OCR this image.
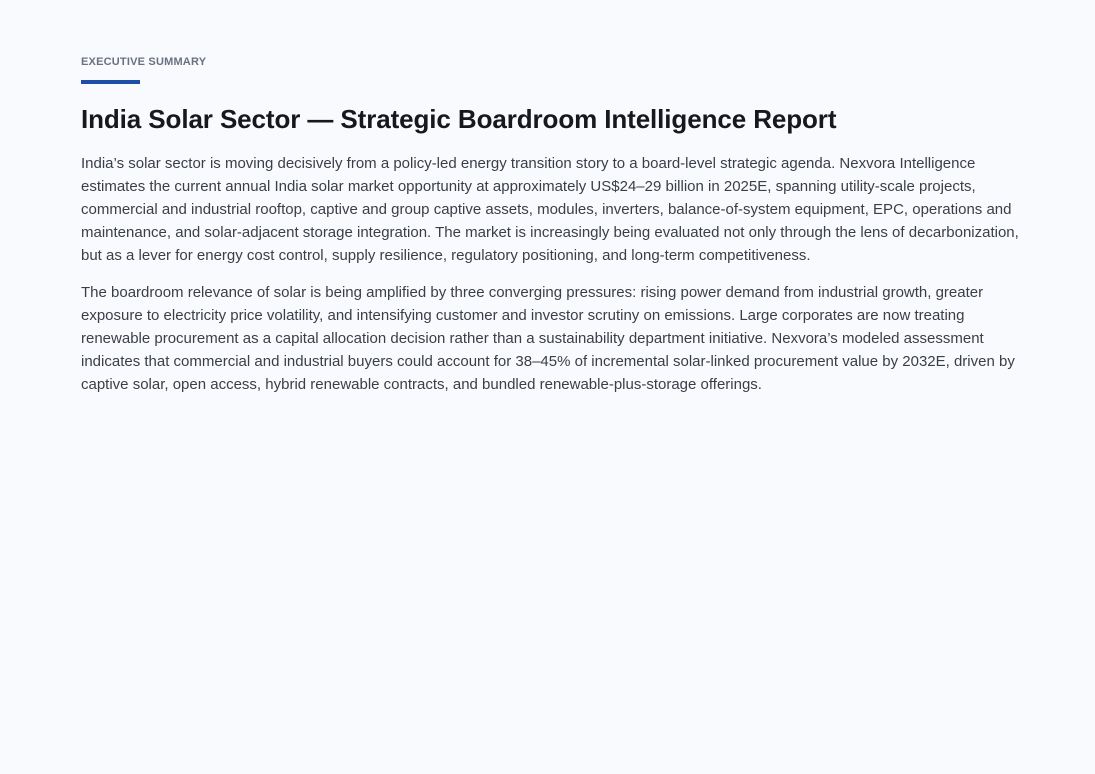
EXECUTIVE SUMMARY

India Solar Sector — Strategic Boardroom Intelligence Report

India’s solar sector is moving decisively from a policy-led energy transition story to a board-level strategic agenda. Nexvora Intelligence estimates the current annual India solar market opportunity at approximately US$24–29 billion in 2025E, spanning utility-scale projects, commercial and industrial rooftop, captive and group captive assets, modules, inverters, balance-of-system equipment, EPC, operations and maintenance, and solar-adjacent storage integration. The market is increasingly being evaluated not only through the lens of decarbonization, but as a lever for energy cost control, supply resilience, regulatory positioning, and long-term competitiveness.

The boardroom relevance of solar is being amplified by three converging pressures: rising power demand from industrial growth, greater exposure to electricity price volatility, and intensifying customer and investor scrutiny on emissions. Large corporates are now treating renewable procurement as a capital allocation decision rather than a sustainability department initiative. Nexvora’s modeled assessment indicates that commercial and industrial buyers could account for 38–45% of incremental solar-linked procurement value by 2032E, driven by captive solar, open access, hybrid renewable contracts, and bundled renewable-plus-storage offerings.
